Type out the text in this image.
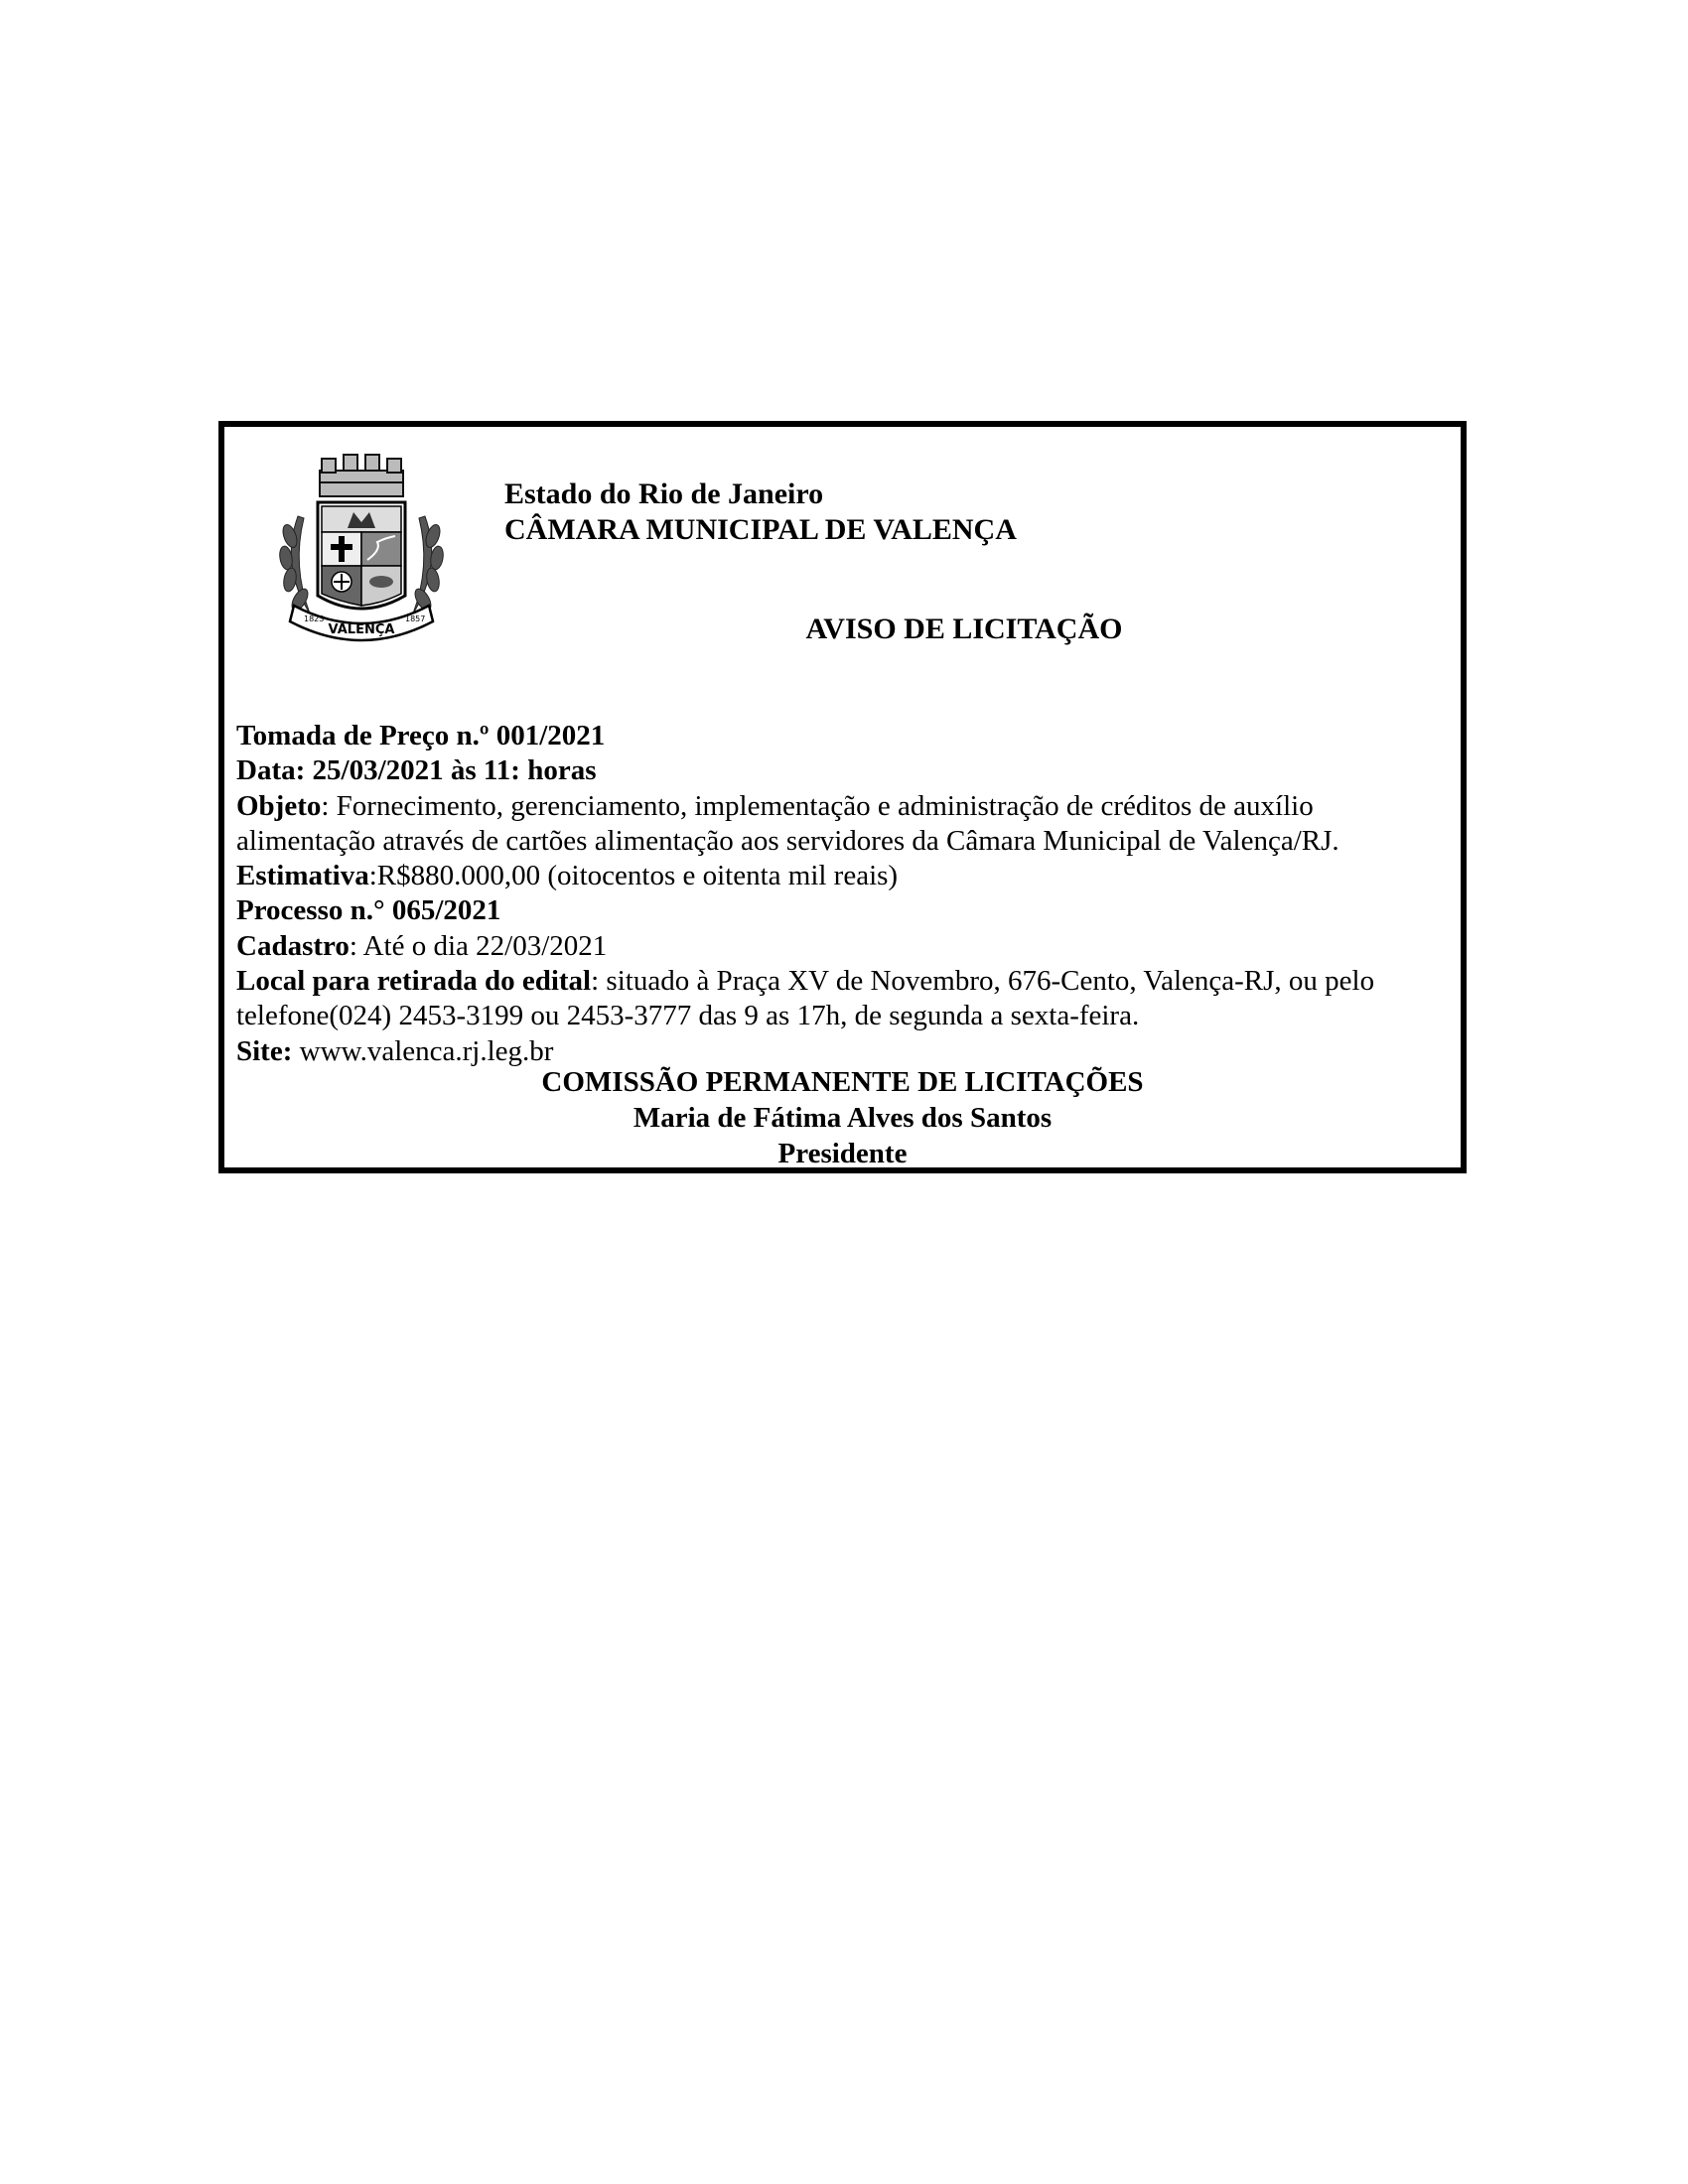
VALENÇA
1823	1857
Estado do Rio de Janeiro
CÂMARA MUNICIPAL DE VALENÇA
AVISO DE LICITAÇÃO
Tomada de Preço n.º 001/2021
Data: 25/03/2021 às 11: horas
Objeto: Fornecimento, gerenciamento, implementação e administração de créditos de auxílio
alimentação através de cartões alimentação aos servidores da Câmara Municipal de Valença/RJ.
Estimativa:R$880.000,00 (oitocentos e oitenta mil reais)
Processo n.° 065/2021
Cadastro: Até o dia 22/03/2021
Local para retirada do edital: situado à Praça XV de Novembro, 676-Cento, Valença-RJ, ou pelo
telefone(024) 2453-3199 ou 2453-3777 das 9 as 17h, de segunda a sexta-feira.
Site: www.valenca.rj.leg.br
COMISSÃO PERMANENTE DE LICITAÇÕES
Maria de Fátima Alves dos Santos
Presidente
